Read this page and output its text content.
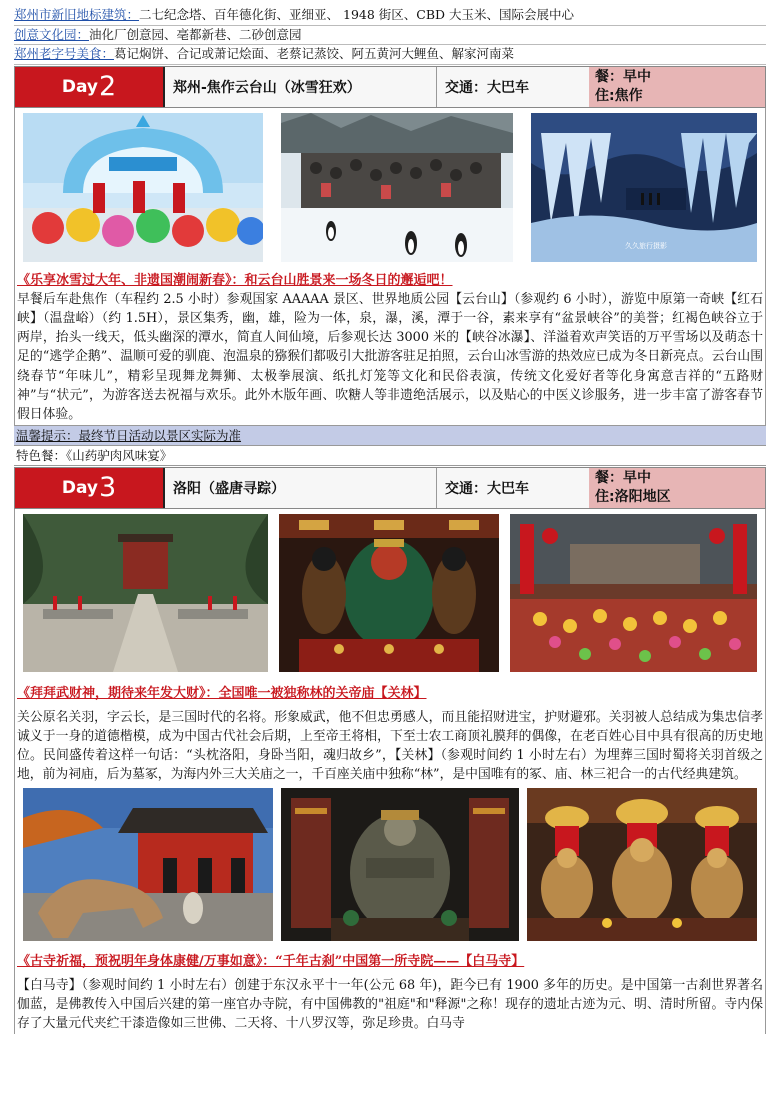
郑州市新旧地标建筑：二七纪念塔、百年德化街、亚细亚、 1948 街区、CBD 大玉米、国际会展中心
创意文化园：油化厂创意园、亳都新巷、二砂创意园
郑州老字号美食：葛记焖饼、合记或萧记烩面、老蔡记蒸饺、阿五黄河大鲤鱼、解家河南菜
Day 2	郑州-焦作云台山（冰雪狂欢）	交通：大巴车
餐：早中
住:焦作
久久旅行摄影
《乐享冰雪过大年、非遗国潮闹新春》：和云台山胜景来一场冬日的邂逅吧！
早餐后车赴焦作（车程约 2.5 小时）参观国家 AAAAA 景区、世界地质公园【云台山】（参观约 6 小时），游览中原第一奇峡【红石峡】（温盘峪）（约 1.5H），景区集秀，幽，雄，险为一体，泉，瀑，溪，潭于一谷，素来享有“盆景峡谷”的美誉；红褐色峡谷立于两岸，抬头一线天，低头幽深的潭水，简直人间仙境，后参观长达 3000 米的【峡谷冰瀑】、洋溢着欢声笑语的万平雪场以及萌态十足的“逃学企鹅”、温顺可爱的驯鹿、泡温泉的猕猴们都吸引大批游客驻足拍照，云台山冰雪游的热效应已成为冬日新亮点。云台山围绕春节“年味儿”，精彩呈现舞龙舞狮、太极拳展演、纸扎灯笼等文化和民俗表演，传统文化爱好者等化身寓意吉祥的“五路财神”与“状元”，为游客送去祝福与欢乐。此外木版年画、吹糖人等非遗绝活展示，以及贴心的中医义诊服务，进一步丰富了游客春节假日体验。
温馨提示：最终节日活动以景区实际为准
特色餐：《山药驴肉风味宴》
Day 3	洛阳（盛唐寻踪）	交通：大巴车
餐：早中
住:洛阳地区
《拜拜武财神，期待来年发大财》：全国唯一被独称林的关帝庙【关林】
关公原名关羽，字云长，是三国时代的名将。形象威武，他不但忠勇感人，而且能招财进宝，护财避邪。关羽被人总结成为集忠信孝诚义于一身的道德楷模，成为中国古代社会后期，上至帝王将相，下至士农工商顶礼膜拜的偶像，在老百姓心目中具有很高的历史地位。民间盛传着这样一句话：“头枕洛阳，身卧当阳，魂归故乡”，【关林】（参观时间约 1 小时左右）为埋葬三国时蜀将关羽首级之地，前为祠庙，后为墓冢，为海内外三大关庙之一，千百座关庙中独称“林”，是中国唯有的冢、庙、林三祀合一的古代经典建筑。
《古寺祈福，预祝明年身体康健/万事如意》：“千年古刹”中国第一所寺院——【白马寺】
【白马寺】（参观时间约 1 小时左右）创建于东汉永平十一年(公元 68 年)，距今已有 1900 多年的历史。是中国第一古刹世界著名伽蓝，是佛教传入中国后兴建的第一座官办寺院，有中国佛教的"祖庭"和"释源"之称！现存的遗址古迹为元、明、清时所留。寺内保存了大量元代夹纻干漆造像如三世佛、二天将、十八罗汉等，弥足珍贵。白马寺
